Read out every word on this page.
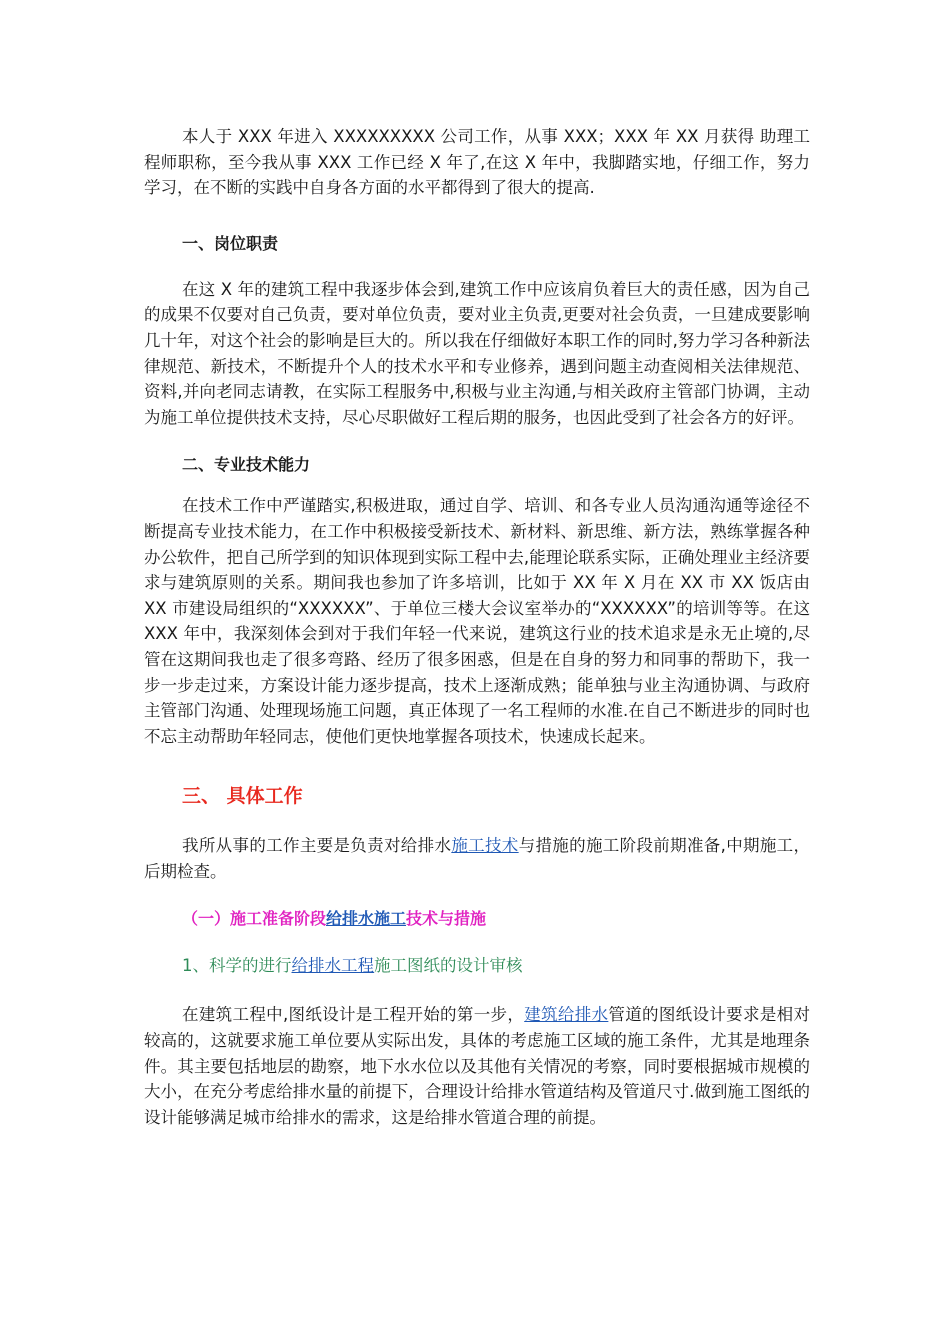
本人于 XXX 年进入 XXXXXXXXX 公司工作，从事 XXX；XXX 年 XX 月获得 助理工程师职称，至今我从事 XXX 工作已经 X 年了,在这 X 年中，我脚踏实地，仔细工作，努力学习，在不断的实践中自身各方面的水平都得到了很大的提高.

一、岗位职责

在这 X 年的建筑工程中我逐步体会到,建筑工作中应该肩负着巨大的责任感，因为自己的成果不仅要对自己负责，要对单位负责，要对业主负责,更要对社会负责，一旦建成要影响几十年，对这个社会的影响是巨大的。所以我在仔细做好本职工作的同时,努力学习各种新法律规范、新技术，不断提升个人的技术水平和专业修养，遇到问题主动查阅相关法律规范、资料,并向老同志请教，在实际工程服务中,积极与业主沟通,与相关政府主管部门协调，主动为施工单位提供技术支持，尽心尽职做好工程后期的服务，也因此受到了社会各方的好评。

二、专业技术能力

在技术工作中严谨踏实,积极进取，通过自学、培训、和各专业人员沟通沟通等途径不断提高专业技术能力，在工作中积极接受新技术、新材料、新思维、新方法，熟练掌握各种办公软件，把自己所学到的知识体现到实际工程中去,能理论联系实际，正确处理业主经济要求与建筑原则的关系。期间我也参加了许多培训，比如于 XX 年 X 月在 XX 市 XX 饭店由 XX 市建设局组织的“XXXXXX”、于单位三楼大会议室举办的“XXXXXX”的培训等等。在这 XXX 年中，我深刻体会到对于我们年轻一代来说，建筑这行业的技术追求是永无止境的,尽管在这期间我也走了很多弯路、经历了很多困惑，但是在自身的努力和同事的帮助下，我一步一步走过来，方案设计能力逐步提高，技术上逐渐成熟；能单独与业主沟通协调、与政府主管部门沟通、处理现场施工问题，真正体现了一名工程师的水准.在自己不断进步的同时也不忘主动帮助年轻同志，使他们更快地掌握各项技术，快速成长起来。

三、 具体工作

我所从事的工作主要是负责对给排水施工技术与措施的施工阶段前期准备,中期施工，后期检查。

（一）施工准备阶段给排水施工技术与措施

1、科学的进行给排水工程施工图纸的设计审核

在建筑工程中,图纸设计是工程开始的第一步，建筑给排水管道的图纸设计要求是相对较高的，这就要求施工单位要从实际出发，具体的考虑施工区域的施工条件，尤其是地理条件。其主要包括地层的勘察，地下水水位以及其他有关情况的考察，同时要根据城市规模的大小，在充分考虑给排水量的前提下，合理设计给排水管道结构及管道尺寸.做到施工图纸的设计能够满足城市给排水的需求，这是给排水管道合理的前提。
